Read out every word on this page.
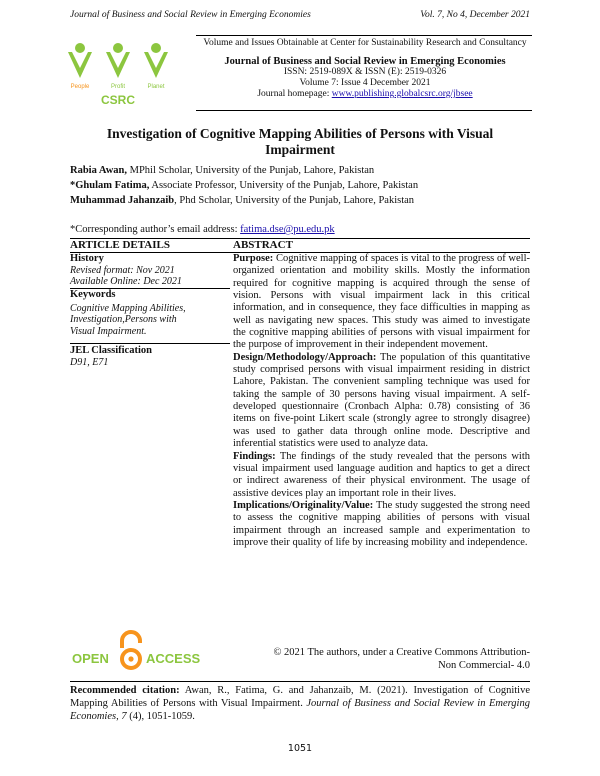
Journal of Business and Social Review in Emerging Economies	Vol. 7, No 4, December 2021
People	Profit	Planet
CSRC
Volume and Issues Obtainable at Center for Sustainability Research and Consultancy
Journal of Business and Social Review in Emerging Economies
ISSN: 2519-089X & ISSN (E): 2519-0326
Volume 7: Issue 4 December 2021
Journal homepage: www.publishing.globalcsrc.org/jbsee
Investigation of Cognitive Mapping Abilities of Persons with Visual Impairment
Rabia Awan, MPhil Scholar, University of the Punjab, Lahore, Pakistan
*Ghulam Fatima, Associate Professor, University of the Punjab, Lahore, Pakistan
Muhammad Jahanzaib, Phd Scholar, University of the Punjab, Lahore, Pakistan
*Corresponding author’s email address: fatima.dse@pu.edu.pk
ARTICLE DETAILS
History
Revised format: Nov 2021
Available Online: Dec 2021
Keywords
Cognitive Mapping Abilities,
Investigation,Persons with
Visual Impairment.
JEL Classification
D91, E71
ABSTRACT

Purpose: Cognitive mapping of spaces is vital to the progress of well-organized orientation and mobility skills. Mostly the information required for cognitive mapping is acquired through the sense of vision. Persons with visual impairment lack in this critical information, and in consequence, they face difficulties in mapping as well as navigating new spaces. This study was aimed to investigate the cognitive mapping abilities of persons with visual impairment for the purpose of improvement in their independent movement.

Design/Methodology/Approach: The population of this quantitative study comprised persons with visual impairment residing in district Lahore, Pakistan. The convenient sampling technique was used for taking the sample of 30 persons having visual impairment. A self-developed questionnaire (Cronbach Alpha: 0.78) consisting of 36 items on five-point Likert scale (strongly agree to strongly disagree) was used to gather data through online mode. Descriptive and inferential statistics were used to analyze data.

Findings: The findings of the study revealed that the persons with visual impairment used language audition and haptics to get a direct or indirect awareness of their physical environment. The usage of assistive devices play an important role in their lives.

Implications/Originality/Value: The study suggested the strong need to assess the cognitive mapping abilities of persons with visual impairment through an increased sample and experimentation to improve their quality of life by increasing mobility and independence.

OPEN	ACCESS	© 2021 The authors, under a Creative Commons Attribution-
Non Commercial- 4.0
Recommended citation: Awan, R., Fatima, G. and Jahanzaib, M. (2021). Investigation of Cognitive Mapping Abilities of Persons with Visual Impairment. Journal of Business and Social Review in Emerging Economies, 7 (4), 1051-1059.
1051
